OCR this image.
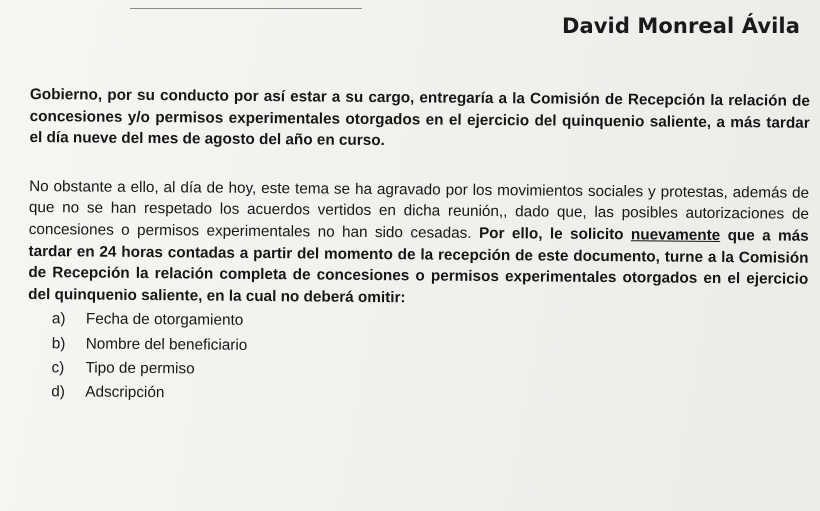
David Monreal Ávila

Gobierno, por su conducto por así estar a su cargo, entregaría a la Comisión de Recepción la relación de concesiones y/o permisos experimentales otorgados en el ejercicio del quinquenio saliente, a más tardar el día nueve del mes de agosto del año en curso.

No obstante a ello, al día de hoy, este tema se ha agravado por los movimientos sociales y protestas, además de que no se han respetado los acuerdos vertidos en dicha reunión,, dado que, las posibles autorizaciones de concesiones o permisos experimentales no han sido cesadas. Por ello, le solicito nuevamente que a más tardar en 24 horas contadas a partir del momento de la recepción de este documento, turne a la Comisión de Recepción la relación completa de concesiones o permisos experimentales otorgados en el ejercicio del quinquenio saliente, en la cual no deberá omitir:

a) Fecha de otorgamiento
b) Nombre del beneficiario
c) Tipo de permiso
d) Adscripción
